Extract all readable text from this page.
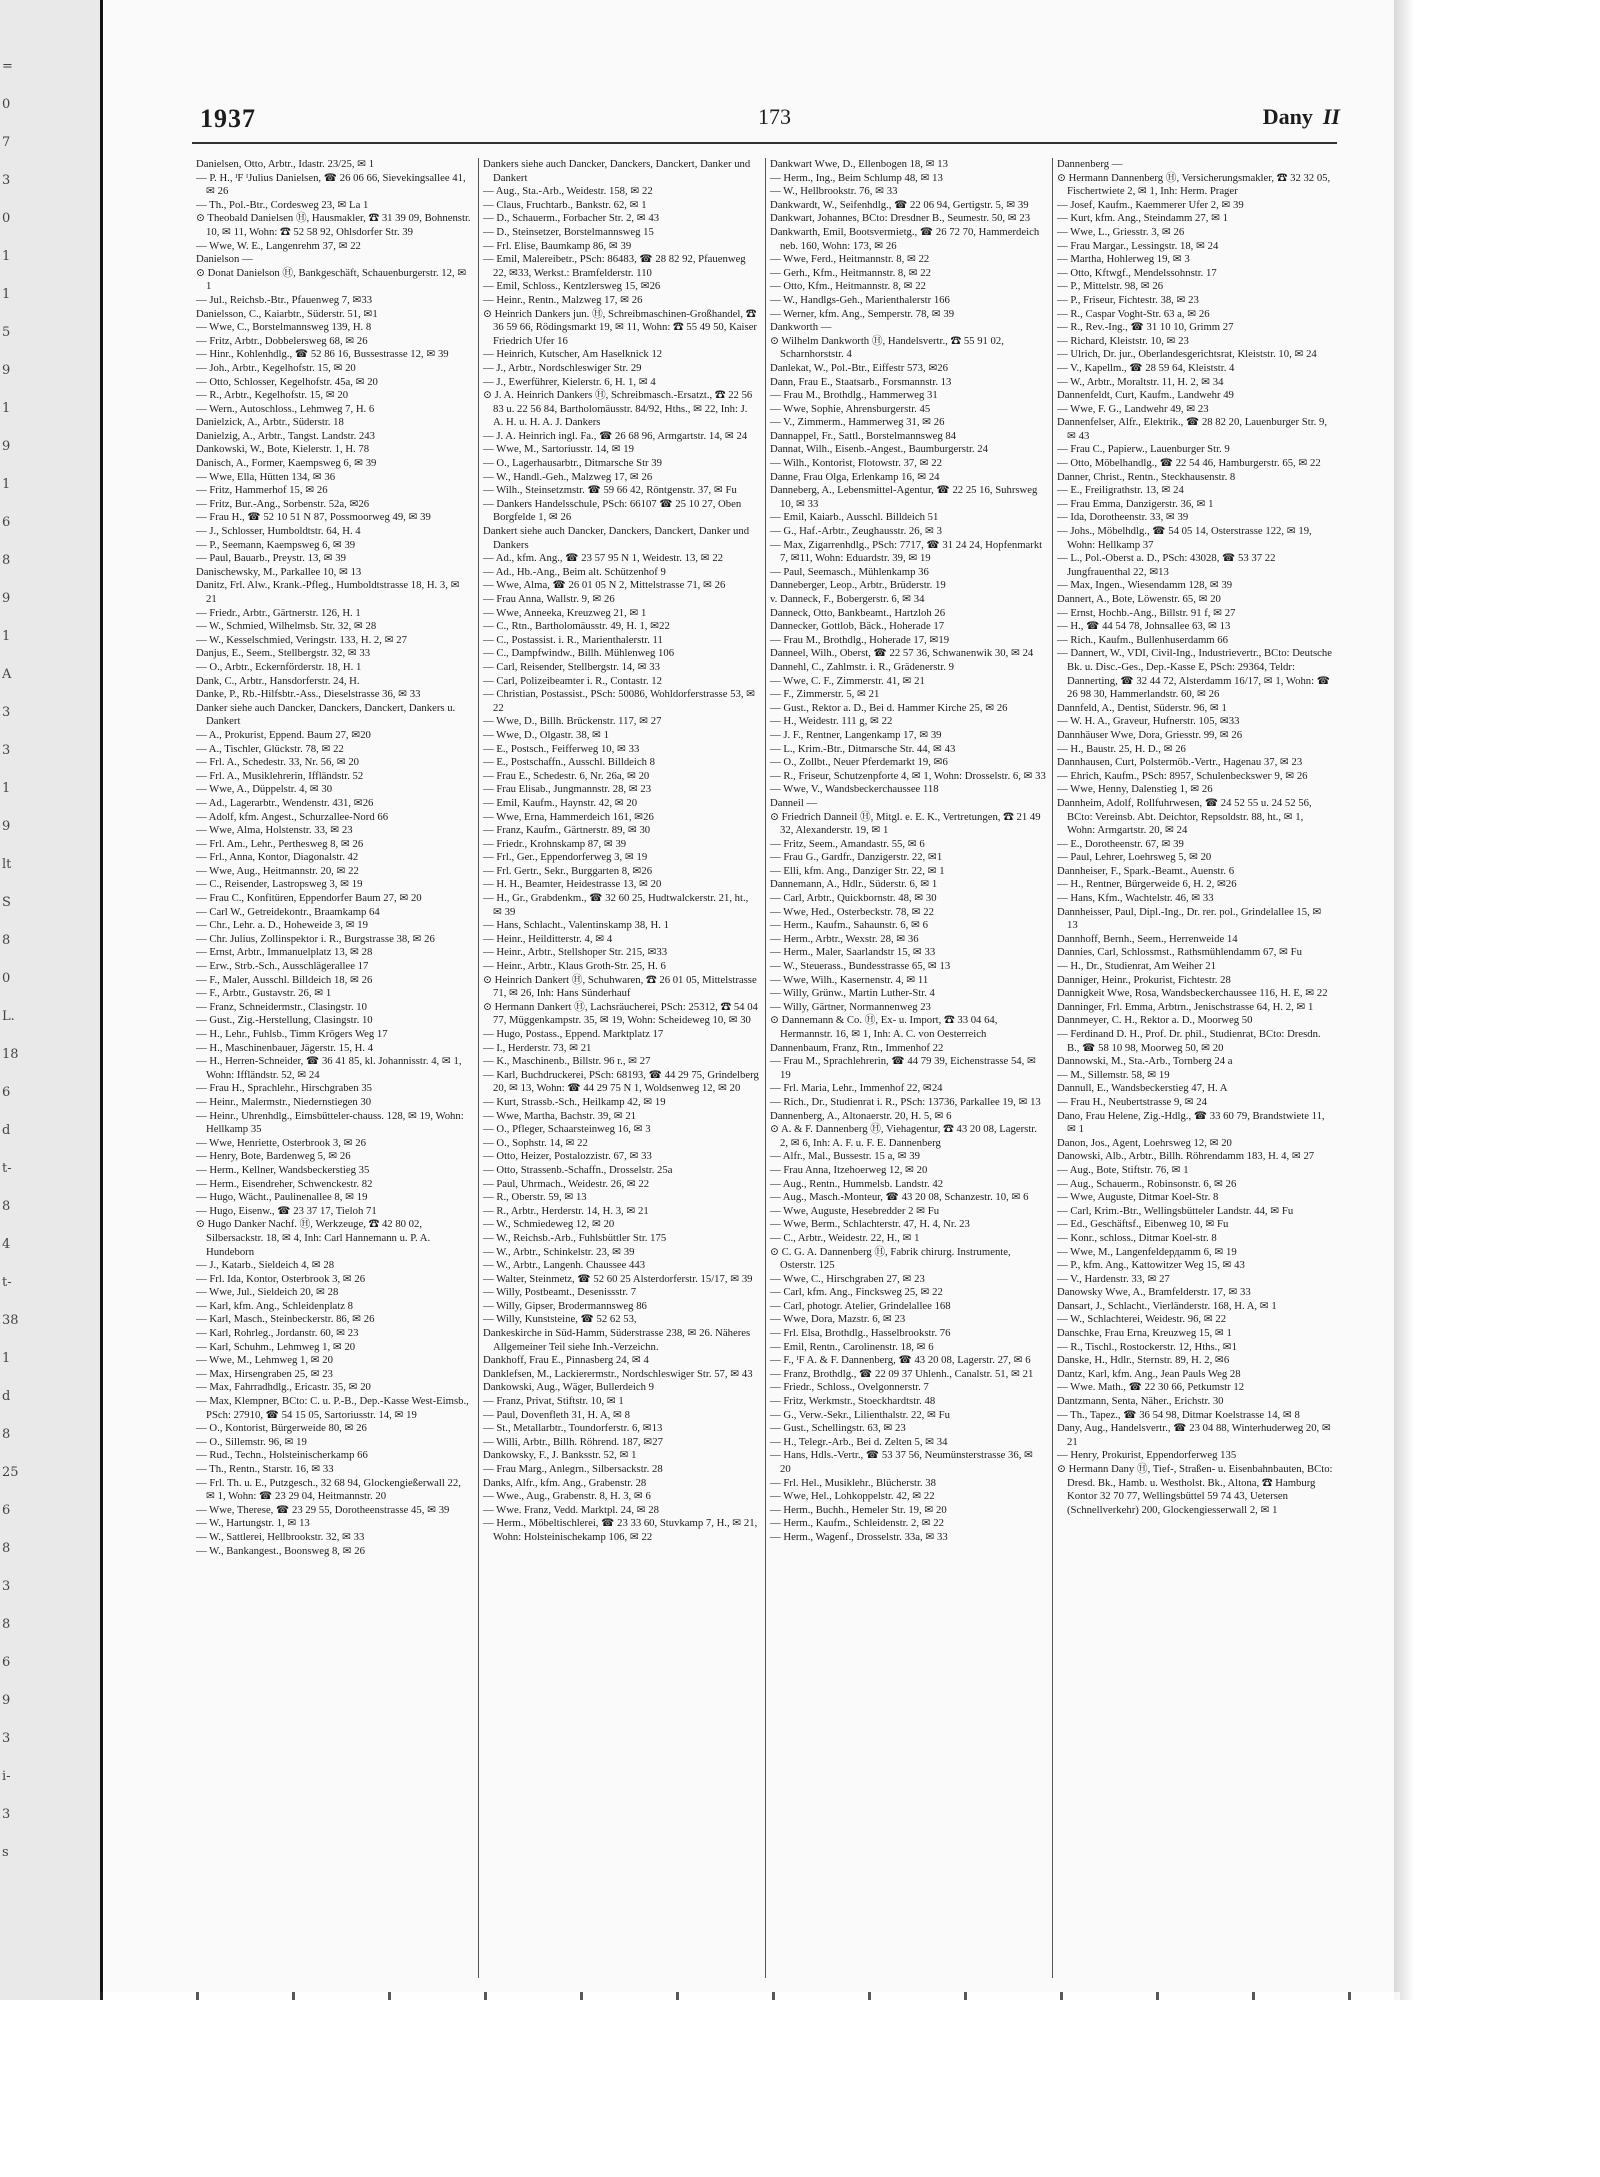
=
0
7
3
0
1
1
5
9
1
9
1
6
8
9
1
A
3
3
1
9
lt
S
8
0
L.
18
6
d
t-
8
4
t-
38
1
d
8
25
6
8
3
8
6
9
3
i-
3
s
1937	173	Dany II

Danielsen, Otto, Arbtr., Idastr. 23/25, ✉ 1

— P. H., ᴵF ᴵJulius Danielsen, ☎ 26 06 66, Sievekingsallee 41, ✉ 26

— Th., Pol.-Btr., Cordesweg 23, ✉ La 1

⊙ Theobald Danielsen Ⓗ, Hausmakler, ☎ 31 39 09, Bohnenstr. 10, ✉ 11, Wohn: ☎ 52 58 92, Ohlsdorfer Str. 39

— Wwe, W. E., Langenrehm 37, ✉ 22

Danielson —

⊙ Donat Danielson Ⓗ, Bankgeschäft, Schauenburgerstr. 12, ✉ 1

— Jul., Reichsb.-Btr., Pfauenweg 7, ✉33

Danielsson, C., Kaiarbtr., Süderstr. 51, ✉1

— Wwe, C., Borstelmannsweg 139, H. 8

— Fritz, Arbtr., Dobbelersweg 68, ✉ 26

— Hinr., Kohlenhdlg., ☎ 52 86 16, Bussestrasse 12, ✉ 39

— Joh., Arbtr., Kegelhofstr. 15, ✉ 20

— Otto, Schlosser, Kegelhofstr. 45a, ✉ 20

— R., Arbtr., Kegelhofstr. 15, ✉ 20

— Wern., Autoschloss., Lehmweg 7, H. 6

Danielzick, A., Arbtr., Süderstr. 18

Danielzig, A., Arbtr., Tangst. Landstr. 243

Dankowski, W., Bote, Kielerstr. 1, H. 78

Danisch, A., Former, Kaempsweg 6, ✉ 39

— Wwe, Ella, Hütten 134, ✉ 36

— Fritz, Hammerhof 15, ✉ 26

— Fritz, Bur.-Ang., Sorbenstr. 52a, ✉26

— Frau H., ☎ 52 10 51 N 87, Possmoorweg 49, ✉ 39

— J., Schlosser, Humboldtstr. 64, H. 4

— P., Seemann, Kaempsweg 6, ✉ 39

— Paul, Bauarb., Preystr. 13, ✉ 39

Danischewsky, M., Parkallee 10, ✉ 13

Danitz, Frl. Alw., Krank.-Pfleg., Humboldtstrasse 18, H. 3, ✉ 21

— Friedr., Arbtr., Gärtnerstr. 126, H. 1

— W., Schmied, Wilhelmsb. Str. 32, ✉ 28

— W., Kesselschmied, Veringstr. 133, H. 2, ✉ 27

Danjus, E., Seem., Stellbergstr. 32, ✉ 33

— O., Arbtr., Eckernförderstr. 18, H. 1

Dank, C., Arbtr., Hansdorferstr. 24, H.

Danke, P., Rb.-Hilfsbtr.-Ass., Dieselstrasse 36, ✉ 33

Danker siehe auch Dancker, Danckers, Danckert, Dankers u. Dankert

— A., Prokurist, Eppend. Baum 27, ✉20

— A., Tischler, Glückstr. 78, ✉ 22

— Frl. A., Schedestr. 33, Nr. 56, ✉ 20

— Frl. A., Musiklehrerin, Iffländstr. 52

— Wwe, A., Düppelstr. 4, ✉ 30

— Ad., Lagerarbtr., Wendenstr. 431, ✉26

— Adolf, kfm. Angest., Schurzallee-Nord 66

— Wwe, Alma, Holstenstr. 33, ✉ 23

— Frl. Am., Lehr., Perthesweg 8, ✉ 26

— Frl., Anna, Kontor, Diagonalstr. 42

— Wwe, Aug., Heitmannstr. 20, ✉ 22

— C., Reisender, Lastropsweg 3, ✉ 19

— Frau C., Konfitüren, Eppendorfer Baum 27, ✉ 20

— Carl W., Getreidekontr., Braamkamp 64

— Chr., Lehr. a. D., Hoheweide 3, ✉ 19

— Chr. Julius, Zollinspektor i. R., Burgstrasse 38, ✉ 26

— Ernst, Arbtr., Immanuelplatz 13, ✉ 28

— Erw., Strb.-Sch., Ausschlägerallee 17

— F., Maler, Ausschl. Billdeich 18, ✉ 26

— F., Arbtr., Gustavstr. 26, ✉ 1

— Franz, Schneidermstr., Clasingstr. 10

— Gust., Zig.-Herstellung, Clasingstr. 10

— H., Lehr., Fuhlsb., Timm Krögers Weg 17

— H., Maschinenbauer, Jägerstr. 15, H. 4

— H., Herren-Schneider, ☎ 36 41 85, kl. Johannisstr. 4, ✉ 1, Wohn: Iffländstr. 52, ✉ 24

— Frau H., Sprachlehr., Hirschgraben 35

— Heinr., Malermstr., Niedernstiegen 30

— Heinr., Uhrenhdlg., Eimsbütteler-chauss. 128, ✉ 19, Wohn: Hellkamp 35

— Wwe, Henriette, Osterbrook 3, ✉ 26

— Henry, Bote, Bardenweg 5, ✉ 26

— Herm., Kellner, Wandsbeckerstieg 35

— Herm., Eisendreher, Schwenckestr. 82

— Hugo, Wächt., Paulinenallee 8, ✉ 19

— Hugo, Eisenw., ☎ 23 37 17, Tieloh 71

⊙ Hugo Danker Nachf. Ⓗ, Werkzeuge, ☎ 42 80 02, Silbersackstr. 18, ✉ 4, Inh: Carl Hannemann u. P. A. Hundeborn

— J., Katarb., Sieldeich 4, ✉ 28

— Frl. Ida, Kontor, Osterbrook 3, ✉ 26

— Wwe, Jul., Sieldeich 20, ✉ 28

— Karl, kfm. Ang., Schleidenplatz 8

— Karl, Masch., Steinbeckerstr. 86, ✉ 26

— Karl, Rohrleg., Jordanstr. 60, ✉ 23

— Karl, Schuhm., Lehmweg 1, ✉ 20

— Wwe, M., Lehmweg 1, ✉ 20

— Max, Hirsengraben 25, ✉ 23

— Max, Fahrradhdlg., Ericastr. 35, ✉ 20

— Max, Klempner, BCto: C. u. P.-B., Dep.-Kasse West-Eimsb., PSch: 27910, ☎ 54 15 05, Sartoriusstr. 14, ✉ 19

— O., Kontorist, Bürgerweide 80, ✉ 26

— O., Sillemstr. 96, ✉ 19

— Rud., Techn., Holsteinischerkamp 66

— Th., Rentn., Starstr. 16, ✉ 33

— Frl. Th. u. E., Putzgesch., 32 68 94, Glockengießerwall 22, ✉ 1, Wohn: ☎ 23 29 04, Heitmannstr. 20

— Wwe, Therese, ☎ 23 29 55, Dorotheenstrasse 45, ✉ 39

— W., Hartungstr. 1, ✉ 13

— W., Sattlerei, Hellbrookstr. 32, ✉ 33

— W., Bankangest., Boonsweg 8, ✉ 26

Dankers siehe auch Dancker, Danckers, Danckert, Danker und Dankert

— Aug., Sta.-Arb., Weidestr. 158, ✉ 22

— Claus, Fruchtarb., Bankstr. 62, ✉ 1

— D., Schauerm., Forbacher Str. 2, ✉ 43

— D., Steinsetzer, Borstelmannsweg 15

— Frl. Elise, Baumkamp 86, ✉ 39

— Emil, Malereibetr., PSch: 86483, ☎ 28 82 92, Pfauenweg 22, ✉33, Werkst.: Bramfelderstr. 110

— Emil, Schloss., Kentzlersweg 15, ✉26

— Heinr., Rentn., Malzweg 17, ✉ 26

⊙ Heinrich Dankers jun. Ⓗ, Schreibmaschinen-Großhandel, ☎ 36 59 66, Rödingsmarkt 19, ✉ 11, Wohn: ☎ 55 49 50, Kaiser Friedrich Ufer 16

— Heinrich, Kutscher, Am Haselknick 12

— J., Arbtr., Nordschleswiger Str. 29

— J., Ewerführer, Kielerstr. 6, H. 1, ✉ 4

⊙ J. A. Heinrich Dankers Ⓗ, Schreibmasch.-Ersatzt., ☎ 22 56 83 u. 22 56 84, Bartholomäusstr. 84/92, Hths., ✉ 22, Inh: J. A. H. u. H. A. J. Dankers

— J. A. Heinrich ingl. Fa., ☎ 26 68 96, Armgartstr. 14, ✉ 24

— Wwe, M., Sartoriusstr. 14, ✉ 19

— O., Lagerhausarbtr., Ditmarsche Str 39

— W., Handl.-Geh., Malzweg 17, ✉ 26

— Wilh., Steinsetzmstr. ☎ 59 66 42, Röntgenstr. 37, ✉ Fu

— Dankers Handelsschule, PSch: 66107 ☎ 25 10 27, Oben Borgfelde 1, ✉ 26

Dankert siehe auch Dancker, Danckers, Danckert, Danker und Dankers

— Ad., kfm. Ang., ☎ 23 57 95 N 1, Weidestr. 13, ✉ 22

— Ad., Hb.-Ang., Beim alt. Schützenhof 9

— Wwe, Alma, ☎ 26 01 05 N 2, Mittelstrasse 71, ✉ 26

— Frau Anna, Wallstr. 9, ✉ 26

— Wwe, Anneeka, Kreuzweg 21, ✉ 1

— C., Rtn., Bartholomäusstr. 49, H. 1, ✉22

— C., Postassist. i. R., Marienthalerstr. 11

— C., Dampfwindw., Billh. Mühlenweg 106

— Carl, Reisender, Stellbergstr. 14, ✉ 33

— Carl, Polizeibeamter i. R., Contastr. 12

— Christian, Postassist., PSch: 50086, Wohldorferstrasse 53, ✉ 22

— Wwe, D., Billh. Brückenstr. 117, ✉ 27

— Wwe, D., Olgastr. 38, ✉ 1

— E., Postsch., Feifferweg 10, ✉ 33

— E., Postschaffn., Ausschl. Billdeich 8

— Frau E., Schedestr. 6, Nr. 26a, ✉ 20

— Frau Elisab., Jungmannstr. 28, ✉ 23

— Emil, Kaufm., Haynstr. 42, ✉ 20

— Wwe, Erna, Hammerdeich 161, ✉26

— Franz, Kaufm., Gärtnerstr. 89, ✉ 30

— Friedr., Krohnskamp 87, ✉ 39

— Frl., Ger., Eppendorferweg 3, ✉ 19

— Frl. Gertr., Sekr., Burggarten 8, ✉26

— H. H., Beamter, Heidestrasse 13, ✉ 20

— H., Gr., Grabdenkm., ☎ 32 60 25, Hudtwalckerstr. 21, ht., ✉ 39

— Hans, Schlacht., Valentinskamp 38, H. 1

— Heinr., Heilditterstr. 4, ✉ 4

— Heinr., Arbtr., Stellshoper Str. 215, ✉33

— Heinr., Arbtr., Klaus Groth-Str. 25, H. 6

⊙ Heinrich Dankert Ⓗ, Schuhwaren, ☎ 26 01 05, Mittelstrasse 71, ✉ 26, Inh: Hans Sünderhauf

⊙ Hermann Dankert Ⓗ, Lachsräucherei, PSch: 25312, ☎ 54 04 77, Müggenkampstr. 35, ✉ 19, Wohn: Scheideweg 10, ✉ 30

— Hugo, Postass., Eppend. Marktplatz 17

— I., Herderstr. 73, ✉ 21

— K., Maschinenb., Billstr. 96 r., ✉ 27

— Karl, Buchdruckerei, PSch: 68193, ☎ 44 29 75, Grindelberg 20, ✉ 13, Wohn: ☎ 44 29 75 N 1, Woldsenweg 12, ✉ 20

— Kurt, Strassb.-Sch., Heilkamp 42, ✉ 19

— Wwe, Martha, Bachstr. 39, ✉ 21

— O., Pfleger, Schaarsteinweg 16, ✉ 3

— O., Sophstr. 14, ✉ 22

— Otto, Heizer, Postalozzistr. 67, ✉ 33

— Otto, Strassenb.-Schaffn., Drosselstr. 25a

— Paul, Uhrmach., Weidestr. 26, ✉ 22

— R., Oberstr. 59, ✉ 13

— R., Arbtr., Herderstr. 14, H. 3, ✉ 21

— W., Schmiedeweg 12, ✉ 20

— W., Reichsb.-Arb., Fuhlsbüttler Str. 175

— W., Arbtr., Schinkelstr. 23, ✉ 39

— W., Arbtr., Langenh. Chaussee 443

— Walter, Steinmetz, ☎ 52 60 25 Alsterdorferstr. 15/17, ✉ 39

— Willy, Postbeamt., Desenissstr. 7

— Willy, Gipser, Brodermannsweg 86

— Willy, Kunststeine, ☎ 52 62 53,

Dankeskirche in Süd-Hamm, Süderstrasse 238, ✉ 26. Näheres Allgemeiner Teil siehe Inh.-Verzeichn.

Dankhoff, Frau E., Pinnasberg 24, ✉ 4

Danklefsen, M., Lackierermstr., Nordschleswiger Str. 57, ✉ 43

Dankowski, Aug., Wäger, Bullerdeich 9

— Franz, Privat, Stiftstr. 10, ✉ 1

— Paul, Dovenfleth 31, H. A, ✉ 8

— St., Metallarbtr., Toundorferstr. 6, ✉13

— Willi, Arbtr., Billh. Röhrend. 187, ✉27

Dankowsky, F., J. Banksstr. 52, ✉ 1

— Frau Marg., Anlegrn., Silbersackstr. 28

Danks, Alfr., kfm. Ang., Grabenstr. 28

— Wwe., Aug., Grabenstr. 8, H. 3, ✉ 6

— Wwe. Franz, Vedd. Marktpl. 24, ✉ 28

— Herm., Möbeltischlerei, ☎ 23 33 60, Stuvkamp 7, H., ✉ 21, Wohn: Holsteinischekamp 106, ✉ 22

Dankwart Wwe, D., Ellenbogen 18, ✉ 13

— Herm., Ing., Beim Schlump 48, ✉ 13

— W., Hellbrookstr. 76, ✉ 33

Dankwardt, W., Seifenhdlg., ☎ 22 06 94, Gertigstr. 5, ✉ 39

Dankwart, Johannes, BCto: Dresdner B., Seumestr. 50, ✉ 23

Dankwarth, Emil, Bootsvermietg., ☎ 26 72 70, Hammerdeich neb. 160, Wohn: 173, ✉ 26

— Wwe, Ferd., Heitmannstr. 8, ✉ 22

— Gerh., Kfm., Heitmannstr. 8, ✉ 22

— Otto, Kfm., Heitmannstr. 8, ✉ 22

— W., Handlgs-Geh., Marienthalerstr 166

— Werner, kfm. Ang., Semperstr. 78, ✉ 39

Dankworth —

⊙ Wilhelm Dankworth Ⓗ, Handelsvertr., ☎ 55 91 02, Scharnhorststr. 4

Danlekat, W., Pol.-Btr., Eiffestr 573, ✉26

Dann, Frau E., Staatsarb., Forsmannstr. 13

— Frau M., Brothdlg., Hammerweg 31

— Wwe, Sophie, Ahrensburgerstr. 45

— V., Zimmerm., Hammerweg 31, ✉ 26

Dannappel, Fr., Sattl., Borstelmannsweg 84

Dannat, Wilh., Eisenb.-Angest., Baumburgerstr. 24

— Wilh., Kontorist, Flotowstr. 37, ✉ 22

Danne, Frau Olga, Erlenkamp 16, ✉ 24

Danneberg, A., Lebensmittel-Agentur, ☎ 22 25 16, Suhrsweg 10, ✉ 33

— Emil, Kaiarb., Ausschl. Billdeich 51

— G., Haf.-Arbtr., Zeughausstr. 26, ✉ 3

— Max, Zigarrenhdlg., PSch: 7717, ☎ 31 24 24, Hopfenmarkt 7, ✉11, Wohn: Eduardstr. 39, ✉ 19

— Paul, Seemasch., Mühlenkamp 36

Danneberger, Leop., Arbtr., Brüderstr. 19

v. Danneck, F., Bobergerstr. 6, ✉ 34

Danneck, Otto, Bankbeamt., Hartzloh 26

Dannecker, Gottlob, Bäck., Hoherade 17

— Frau M., Brothdlg., Hoherade 17, ✉19

Danneel, Wilh., Oberst, ☎ 22 57 36, Schwanenwik 30, ✉ 24

Dannehl, C., Zahlmstr. i. R., Grädenerstr. 9

— Wwe, C. F., Zimmerstr. 41, ✉ 21

— F., Zimmerstr. 5, ✉ 21

— Gust., Rektor a. D., Bei d. Hammer Kirche 25, ✉ 26

— H., Weidestr. 111 g, ✉ 22

— J. F., Rentner, Langenkamp 17, ✉ 39

— L., Krim.-Btr., Ditmarsche Str. 44, ✉ 43

— O., Zollbt., Neuer Pferdemarkt 19, ✉6

— R., Friseur, Schutzenpforte 4, ✉ 1, Wohn: Drosselstr. 6, ✉ 33

— Wwe, V., Wandsbeckerchaussee 118

Danneil —

⊙ Friedrich Danneil Ⓗ, Mitgl. e. E. K., Vertretungen, ☎ 21 49 32, Alexanderstr. 19, ✉ 1

— Fritz, Seem., Amandastr. 55, ✉ 6

— Frau G., Gardfr., Danzigerstr. 22, ✉1

— Elli, kfm. Ang., Danziger Str. 22, ✉ 1

Dannemann, A., Hdlr., Süderstr. 6, ✉ 1

— Carl, Arbtr., Quickbornstr. 48, ✉ 30

— Wwe, Hed., Osterbeckstr. 78, ✉ 22

— Herm., Kaufm., Sahaunstr. 6, ✉ 6

— Herm., Arbtr., Wexstr. 28, ✉ 36

— Herm., Maler, Saarlandstr 15, ✉ 33

— W., Steuerass., Bundesstrasse 65, ✉ 13

— Wwe, Wilh., Kasernenstr. 4, ✉ 11

— Willy, Grünw., Martin Luther-Str. 4

— Willy, Gärtner, Normannenweg 23

⊙ Dannemann & Co. Ⓗ, Ex- u. Import, ☎ 33 04 64, Hermannstr. 16, ✉ 1, Inh: A. C. von Oesterreich

Dannenbaum, Franz, Rtn., Immenhof 22

— Frau M., Sprachlehrerin, ☎ 44 79 39, Eichenstrasse 54, ✉ 19

— Frl. Maria, Lehr., Immenhof 22, ✉24

— Rich., Dr., Studienrat i. R., PSch: 13736, Parkallee 19, ✉ 13

Dannenberg, A., Altonaerstr. 20, H. 5, ✉ 6

⊙ A. & F. Dannenberg Ⓗ, Viehagentur, ☎ 43 20 08, Lagerstr. 2, ✉ 6, Inh: A. F. u. F. E. Dannenberg

— Alfr., Mal., Bussestr. 15 a, ✉ 39

— Frau Anna, Itzehoerweg 12, ✉ 20

— Aug., Rentn., Hummelsb. Landstr. 42

— Aug., Masch.-Monteur, ☎ 43 20 08, Schanzestr. 10, ✉ 6

— Wwe, Auguste, Hesebredder 2 ✉ Fu

— Wwe, Berm., Schlachterstr. 47, H. 4, Nr. 23

— C., Arbtr., Weidestr. 22, H., ✉ 1

⊙ C. G. A. Dannenberg Ⓗ, Fabrik chirurg. Instrumente, Osterstr. 125

— Wwe, C., Hirschgraben 27, ✉ 23

— Carl, kfm. Ang., Fincksweg 25, ✉ 22

— Carl, photogr. Atelier, Grindelallee 168

— Wwe, Dora, Mazstr. 6, ✉ 23

— Frl. Elsa, Brothdlg., Hasselbrookstr. 76

— Emil, Rentn., Carolinenstr. 18, ✉ 6

— F., ᴵF A. & F. Dannenberg, ☎ 43 20 08, Lagerstr. 27, ✉ 6

— Franz, Brothdlg., ☎ 22 09 37 Uhlenh., Canalstr. 51, ✉ 21

— Friedr., Schloss., Ovelgonnerstr. 7

— Fritz, Werkmstr., Stoeckhardtstr. 48

— G., Verw.-Sekr., Lilienthalstr. 22, ✉ Fu

— Gust., Schellingstr. 63, ✉ 23

— H., Telegr.-Arb., Bei d. Zelten 5, ✉ 34

— Hans, Hdls.-Vertr., ☎ 53 37 56, Neumünsterstrasse 36, ✉ 20

— Frl. Hel., Musiklehr., Blücherstr. 38

— Wwe, Hel., Lohkoppelstr. 42, ✉ 22

— Herm., Buchh., Hemeler Str. 19, ✉ 20

— Herm., Kaufm., Schleidenstr. 2, ✉ 22

— Herm., Wagenf., Drosselstr. 33a, ✉ 33

Dannenberg —

⊙ Hermann Dannenberg Ⓗ, Versicherungsmakler, ☎ 32 32 05, Fischertwiete 2, ✉ 1, Inh: Herm. Prager

— Josef, Kaufm., Kaemmerer Ufer 2, ✉ 39

— Kurt, kfm. Ang., Steindamm 27, ✉ 1

— Wwe, L., Griesstr. 3, ✉ 26

— Frau Margar., Lessingstr. 18, ✉ 24

— Martha, Hohlerweg 19, ✉ 3

— Otto, Kftwgf., Mendelssohnstr. 17

— P., Mittelstr. 98, ✉ 26

— P., Friseur, Fichtestr. 38, ✉ 23

— R., Caspar Voght-Str. 63 a, ✉ 26

— R., Rev.-Ing., ☎ 31 10 10, Grimm 27

— Richard, Kleiststr. 10, ✉ 23

— Ulrich, Dr. jur., Oberlandesgerichtsrat, Kleiststr. 10, ✉ 24

— V., Kapellm., ☎ 28 59 64, Kleiststr. 4

— W., Arbtr., Moraltstr. 11, H. 2, ✉ 34

Dannenfeldt, Curt, Kaufm., Landwehr 49

— Wwe, F. G., Landwehr 49, ✉ 23

Dannenfelser, Alfr., Elektrik., ☎ 28 82 20, Lauenburger Str. 9, ✉ 43

— Frau C., Papierw., Lauenburger Str. 9

— Otto, Möbelhandlg., ☎ 22 54 46, Hamburgerstr. 65, ✉ 22

Danner, Christ., Rentn., Steckhausenstr. 8

— E., Freiligrathstr. 13, ✉ 24

— Frau Emma, Danzigerstr. 36, ✉ 1

— Ida, Dorotheenstr. 33, ✉ 39

— Johs., Möbelhdlg., ☎ 54 05 14, Osterstrasse 122, ✉ 19, Wohn: Hellkamp 37

— L., Pol.-Oberst a. D., PSch: 43028, ☎ 53 37 22 Jungfrauenthal 22, ✉13

— Max, Ingen., Wiesendamm 128, ✉ 39

Dannert, A., Bote, Löwenstr. 65, ✉ 20

— Ernst, Hochb.-Ang., Billstr. 91 f, ✉ 27

— H., ☎ 44 54 78, Johnsallee 63, ✉ 13

— Rich., Kaufm., Bullenhuserdamm 66

— Dannert, W., VDI, Civil-Ing., Industrievertr., BCto: Deutsche Bk. u. Disc.-Ges., Dep.-Kasse E, PSch: 29364, Teldr: Dannerting, ☎ 32 44 72, Alsterdamm 16/17, ✉ 1, Wohn: ☎ 26 98 30, Hammerlandstr. 60, ✉ 26

Dannfeld, A., Dentist, Süderstr. 96, ✉ 1

— W. H. A., Graveur, Hufnerstr. 105, ✉33

Dannhäuser Wwe, Dora, Griesstr. 99, ✉ 26

— H., Baustr. 25, H. D., ✉ 26

Dannhausen, Curt, Polstermöb.-Vertr., Hagenau 37, ✉ 23

— Ehrich, Kaufm., PSch: 8957, Schulenbeckswег 9, ✉ 26

— Wwe, Henny, Dalenstieg 1, ✉ 26

Dannheim, Adolf, Rollfuhrwesen, ☎ 24 52 55 u. 24 52 56, BCto: Vereinsb. Abt. Deichtor, Repsoldstr. 88, ht., ✉ 1, Wohn: Armgartstr. 20, ✉ 24

— E., Dorotheenstr. 67, ✉ 39

— Paul, Lehrer, Loehrsweg 5, ✉ 20

Dannheiser, F., Spark.-Beamt., Auenstr. 6

— H., Rentner, Bürgerweide 6, H. 2, ✉26

— Hans, Kfm., Wachtelstr. 46, ✉ 33

Dannheisser, Paul, Dipl.-Ing., Dr. rer. pol., Grindelallee 15, ✉ 13

Dannhoff, Bernh., Seem., Herrenweide 14

Dannies, Carl, Schlossmst., Rathsmühlendamm 67, ✉ Fu

— H., Dr., Studienrat, Am Weiher 21

Danniger, Heinr., Prokurist, Fichtestr. 28

Dannigkeit Wwe, Rosa, Wandsbeckerchaussee 116, H. E, ✉ 22

Danninger, Frl. Emma, Arbtrn., Jenischstrasse 64, H. 2, ✉ 1

Dannmeyer, C. H., Rektor a. D., Moorweg 50

— Ferdinand D. H., Prof. Dr. phil., Studienrat, BCto: Dresdn. B., ☎ 58 10 98, Moorweg 50, ✉ 20

Dannowski, M., Sta.-Arb., Tornberg 24 a

— M., Sillemstr. 58, ✉ 19

Dannull, E., Wandsbeckerstieg 47, H. A

— Frau H., Neubertstrasse 9, ✉ 24

Dano, Frau Helene, Zig.-Hdlg., ☎ 33 60 79, Brandstwiete 11, ✉ 1

Danon, Jos., Agent, Loehrsweg 12, ✉ 20

Danowski, Alb., Arbtr., Billh. Röhrendamm 183, H. 4, ✉ 27

— Aug., Bote, Stiftstr. 76, ✉ 1

— Aug., Schauerm., Robinsonstr. 6, ✉ 26

— Wwe, Auguste, Ditmar Koel-Str. 8

— Carl, Krim.-Btr., Wellingsbütteler Landstr. 44, ✉ Fu

— Ed., Geschäftsf., Eibenweg 10, ✉ Fu

— Konr., schloss., Ditmar Koel-str. 8

— Wwe, M., Langenfeldердamm 6, ✉ 19

— P., kfm. Ang., Kattowitzer Weg 15, ✉ 43

— V., Hardenstr. 33, ✉ 27

Danowsky Wwe, A., Bramfelderstr. 17, ✉ 33

Dansart, J., Schlacht., Vierländerstr. 168, H. A, ✉ 1

— W., Schlachterei, Weidestr. 96, ✉ 22

Danschke, Frau Erna, Kreuzweg 15, ✉ 1

— R., Tischl., Rostockerstr. 12, Hths., ✉1

Danske, H., Hdlr., Sternstr. 89, H. 2, ✉6

Dantz, Karl, kfm. Ang., Jean Pauls Weg 28

— Wwe. Math., ☎ 22 30 66, Petkumstr 12

Dantzmann, Senta, Näher., Erichstr. 30

— Th., Tapez., ☎ 36 54 98, Ditmar Koelstrasse 14, ✉ 8

Dany, Aug., Handelsvertr., ☎ 23 04 88, Winterhuderweg 20, ✉ 21

— Henry, Prokurist, Eppendorferweg 135

⊙ Hermann Dany Ⓗ, Tief-, Straßen- u. Eisenbahnbauten, BCto: Dresd. Bk., Hamb. u. Westholst. Bk., Altona, ☎ Hamburg Kontor 32 70 77, Wellingsbüttel 59 74 43, Uetersen (Schnellverkehr) 200, Glockengiesserwall 2, ✉ 1
